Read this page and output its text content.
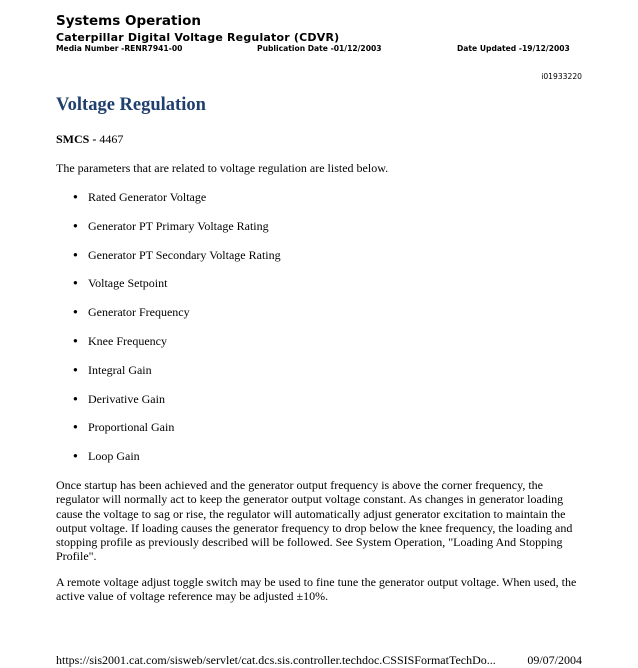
Systems Operation
Caterpillar Digital Voltage Regulator (CDVR)
Media Number -RENR7941-00	Publication Date -01/12/2003	Date Updated -19/12/2003
i01933220
Voltage Regulation
SMCS - 4467
The parameters that are related to voltage regulation are listed below.
● Rated Generator Voltage
● Generator PT Primary Voltage Rating
● Generator PT Secondary Voltage Rating
● Voltage Setpoint
● Generator Frequency
● Knee Frequency
● Integral Gain
● Derivative Gain
● Proportional Gain
● Loop Gain

Once startup has been achieved and the generator output frequency is above the corner frequency, the regulator will normally act to keep the generator output voltage constant. As changes in generator loading cause the voltage to sag or rise, the regulator will automatically adjust generator excitation to maintain the output voltage. If loading causes the generator frequency to drop below the knee frequency, the loading and stopping profile as previously described will be followed. See System Operation, "Loading And Stopping Profile".

A remote voltage adjust toggle switch may be used to fine tune the generator output voltage. When used, the active value of voltage reference may be adjusted ±10%.

https://sis2001.cat.com/sisweb/servlet/cat.dcs.sis.controller.techdoc.CSSISFormatTechDo...	09/07/2004
